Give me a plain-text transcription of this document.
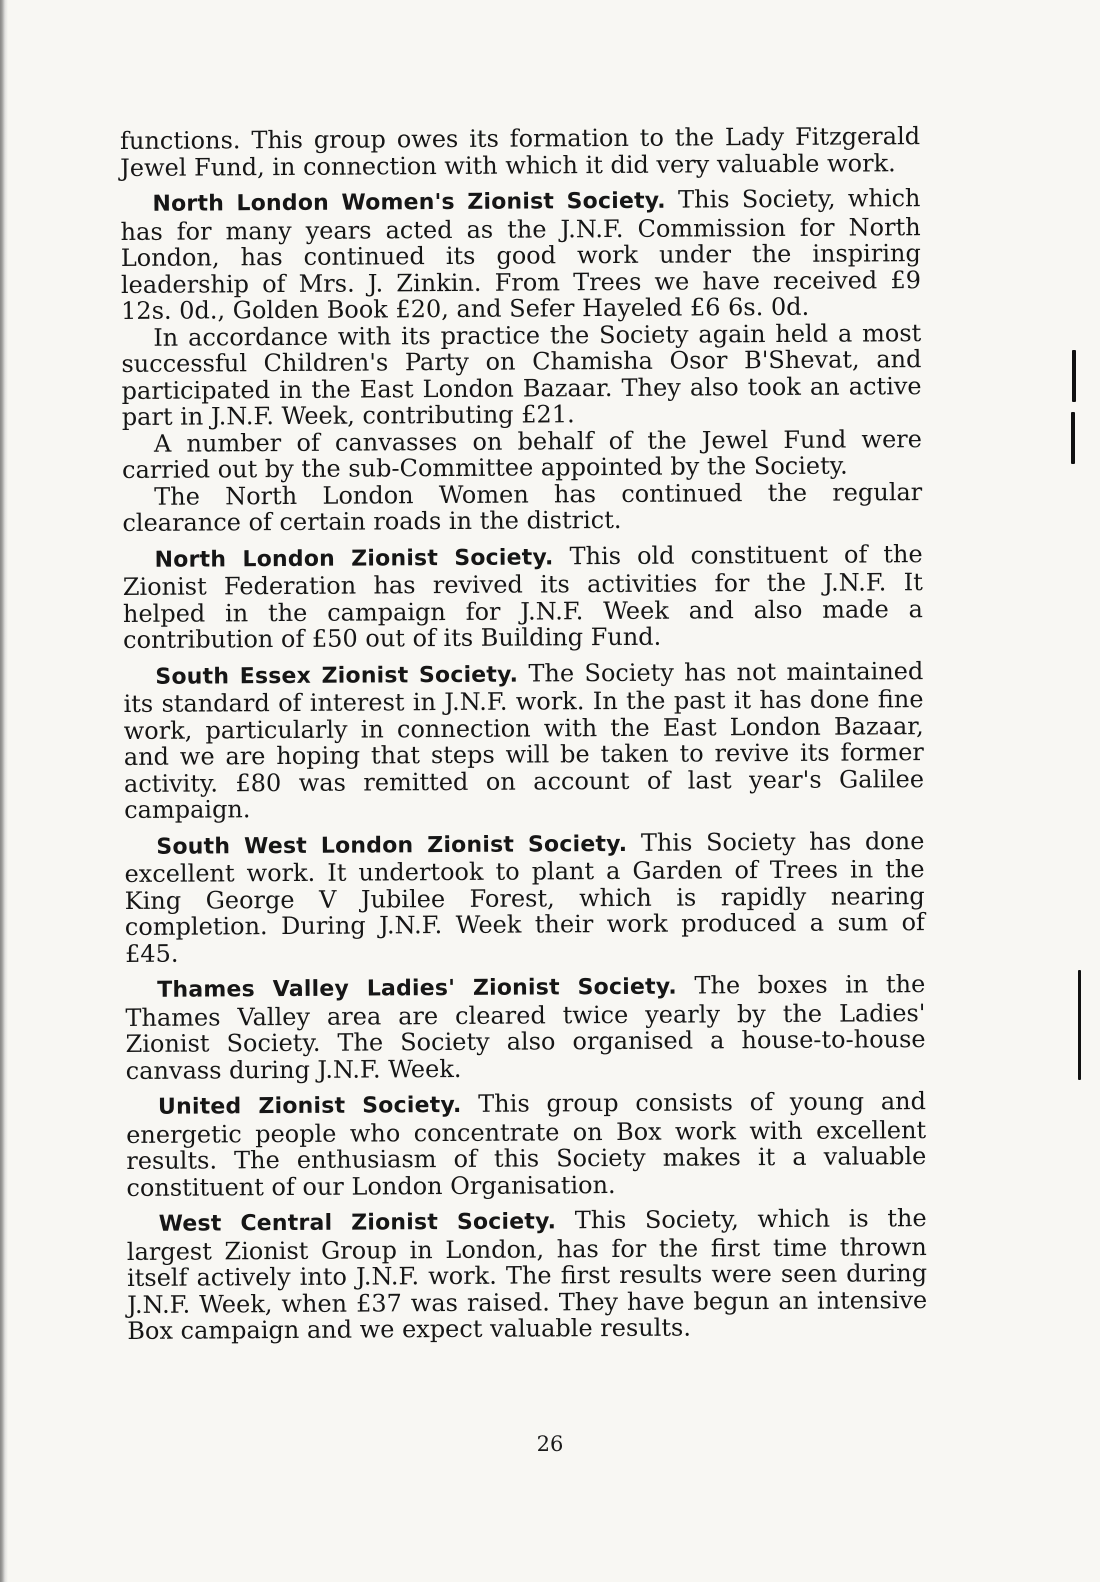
functions. This group owes its formation to the Lady Fitzgerald Jewel Fund, in connection with which it did very valuable work.

North London Women's Zionist Society. This Society, which has for many years acted as the J.N.F. Commission for North London, has continued its good work under the inspiring leadership of Mrs. J. Zinkin. From Trees we have received £9 12s. 0d., Golden Book £20, and Sefer Hayeled £6 6s. 0d.

In accordance with its practice the Society again held a most successful Children's Party on Chamisha Osor B'Shevat, and participated in the East London Bazaar. They also took an active part in J.N.F. Week, contributing £21.

A number of canvasses on behalf of the Jewel Fund were carried out by the sub-Committee appointed by the Society.

The North London Women has continued the regular clearance of certain roads in the district.

North London Zionist Society. This old constituent of the Zionist Federation has revived its activities for the J.N.F. It helped in the campaign for J.N.F. Week and also made a contribution of £50 out of its Building Fund.

South Essex Zionist Society. The Society has not maintained its standard of interest in J.N.F. work. In the past it has done fine work, particularly in connection with the East London Bazaar, and we are hoping that steps will be taken to revive its former activity. £80 was remitted on account of last year's Galilee campaign.

South West London Zionist Society. This Society has done excellent work. It undertook to plant a Garden of Trees in the King George V Jubilee Forest, which is rapidly nearing completion. During J.N.F. Week their work produced a sum of £45.

Thames Valley Ladies' Zionist Society. The boxes in the Thames Valley area are cleared twice yearly by the Ladies' Zionist Society. The Society also organised a house-to-house canvass during J.N.F. Week.

United Zionist Society. This group consists of young and energetic people who concentrate on Box work with excellent results. The enthusiasm of this Society makes it a valuable constituent of our London Organisation.

West Central Zionist Society. This Society, which is the largest Zionist Group in London, has for the first time thrown itself actively into J.N.F. work. The first results were seen during J.N.F. Week, when £37 was raised. They have begun an intensive Box campaign and we expect valuable results.

26
